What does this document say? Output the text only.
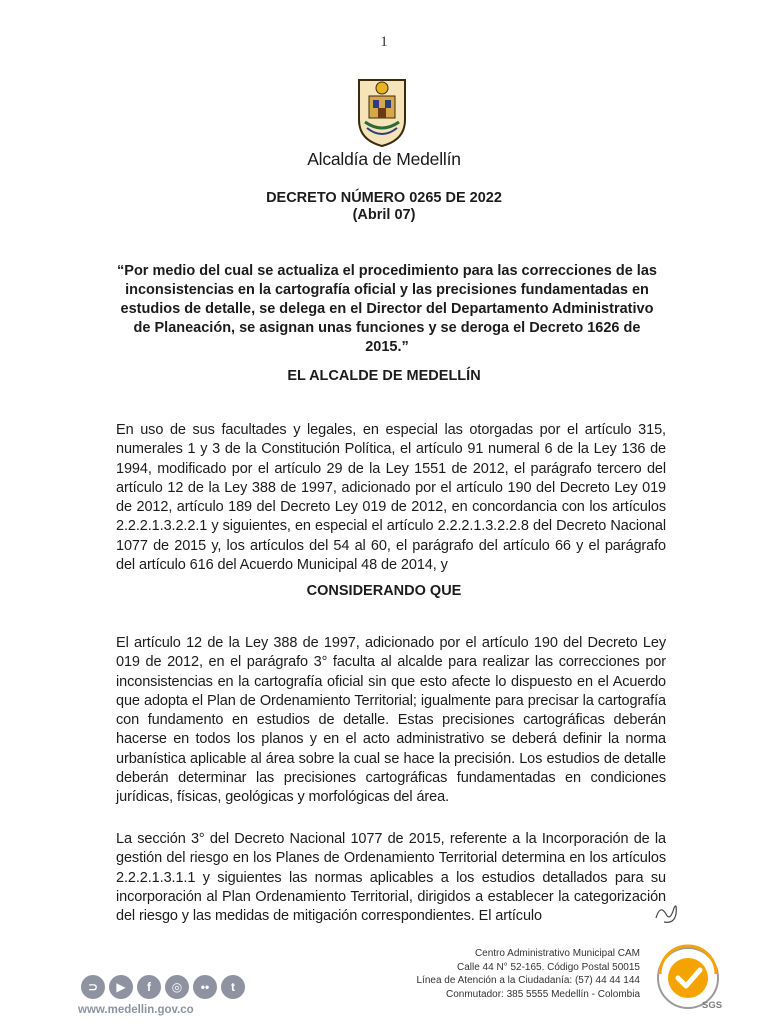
1
Alcaldía de Medellín
DECRETO NÚMERO 0265 DE 2022
(Abril 07)
“Por medio del cual se actualiza el procedimiento para las correcciones de las inconsistencias en la cartografía oficial y las precisiones fundamentadas en estudios de detalle, se delega en el Director del Departamento Administrativo de Planeación, se asignan unas funciones y se deroga el Decreto 1626 de 2015.”
EL ALCALDE DE MEDELLÍN
En uso de sus facultades y legales, en especial las otorgadas por el artículo 315, numerales 1 y 3 de la Constitución Política, el artículo 91 numeral 6 de la Ley 136 de 1994, modificado por el artículo 29 de la Ley 1551 de 2012, el parágrafo tercero del artículo 12 de la Ley 388 de 1997, adicionado por el artículo 190 del Decreto Ley 019 de 2012, artículo 189 del Decreto Ley 019 de 2012, en concordancia con los artículos 2.2.2.1.3.2.2.1 y siguientes, en especial el artículo 2.2.2.1.3.2.2.8 del Decreto Nacional 1077 de 2015 y, los artículos del 54 al 60, el parágrafo del artículo 66 y el parágrafo del artículo 616 del Acuerdo Municipal 48 de 2014, y
CONSIDERANDO QUE
El artículo 12 de la Ley 388 de 1997, adicionado por el artículo 190 del Decreto Ley 019 de 2012, en el parágrafo 3° faculta al alcalde para realizar las correcciones por inconsistencias en la cartografía oficial sin que esto afecte lo dispuesto en el Acuerdo que adopta el Plan de Ordenamiento Territorial; igualmente para precisar la cartografía con fundamento en estudios de detalle. Estas precisiones cartográficas deberán hacerse en todos los planos y en el acto administrativo se deberá definir la norma urbanística aplicable al área sobre la cual se hace la precisión. Los estudios de detalle deberán determinar las precisiones cartográficas fundamentadas en condiciones jurídicas, físicas, geológicas y morfológicas del área.
La sección 3° del Decreto Nacional 1077 de 2015, referente a la Incorporación de la gestión del riesgo en los Planes de Ordenamiento Territorial determina en los artículos 2.2.2.1.3.1.1 y siguientes las normas aplicables a los estudios detallados para su incorporación al Plan Ordenamiento Territorial, dirigidos a establecer la categorización del riesgo y las medidas de mitigación correspondientes. El artículo
Centro Administrativo Municipal CAM
Calle 44 N° 52-165. Código Postal 50015
Línea de Atención a la Ciudadanía: (57) 44 44 144
Conmutador: 385 5555 Medellín - Colombia
⊃	▶	f	◎	••	t
www.medellin.gov.co	SGS
